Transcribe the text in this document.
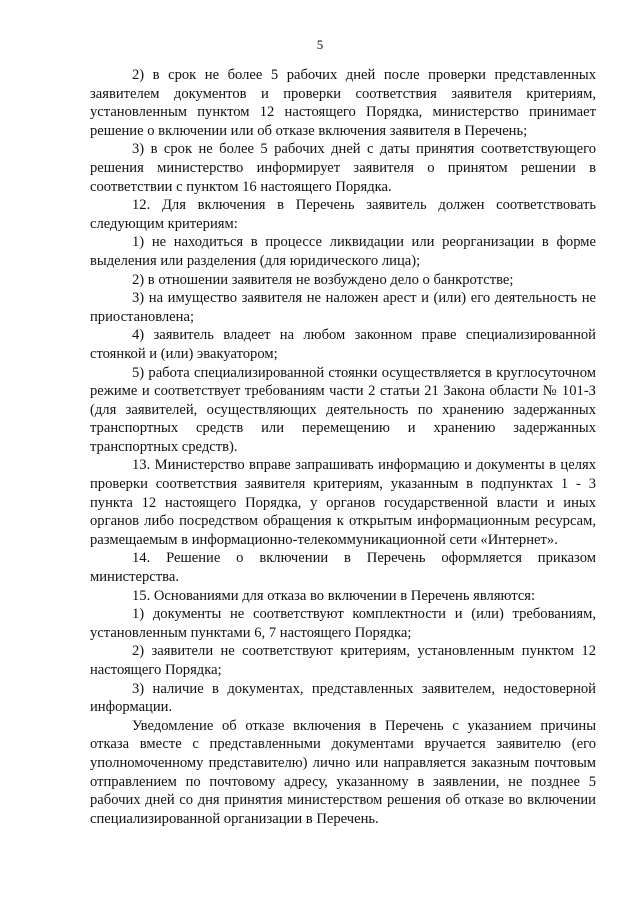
5

2) в срок не более 5 рабочих дней после проверки представленных заявителем документов и проверки соответствия заявителя критериям, установленным пунктом 12 настоящего Порядка, министерство принимает решение о включении или об отказе включения заявителя в Перечень;

3) в срок не более 5 рабочих дней с даты принятия соответствующего решения министерство информирует заявителя о принятом решении в соответствии с пунктом 16 настоящего Порядка.

12. Для включения в Перечень заявитель должен соответствовать следующим критериям:

1) не находиться в процессе ликвидации или реорганизации в форме выделения или разделения (для юридического лица);

2) в отношении заявителя не возбуждено дело о банкротстве;

3) на имущество заявителя не наложен арест и (или) его деятельность не приостановлена;

4) заявитель владеет на любом законном праве специализированной стоянкой и (или) эвакуатором;

5) работа специализированной стоянки осуществляется в круглосуточном режиме и соответствует требованиям части 2 статьи 21 Закона области № 101-З (для заявителей, осуществляющих деятельность по хранению задержанных транспортных средств или перемещению и хранению задержанных транспортных средств).

13. Министерство вправе запрашивать информацию и документы в целях проверки соответствия заявителя критериям, указанным в подпунктах 1 - 3 пункта 12 настоящего Порядка, у органов государственной власти и иных органов либо посредством обращения к открытым информационным ресурсам, размещаемым в информационно-телекоммуникационной сети «Интернет».

14. Решение о включении в Перечень оформляется приказом министерства.

15. Основаниями для отказа во включении в Перечень являются:

1) документы не соответствуют комплектности и (или) требованиям, установленным пунктами 6, 7 настоящего Порядка;

2) заявители не соответствуют критериям, установленным пунктом 12 настоящего Порядка;

3) наличие в документах, представленных заявителем, недостоверной информации.

Уведомление об отказе включения в Перечень с указанием причины отказа вместе с представленными документами вручается заявителю (его уполномоченному представителю) лично или направляется заказным почтовым отправлением по почтовому адресу, указанному в заявлении, не позднее 5 рабочих дней со дня принятия министерством решения об отказе во включении специализированной организации в Перечень.
